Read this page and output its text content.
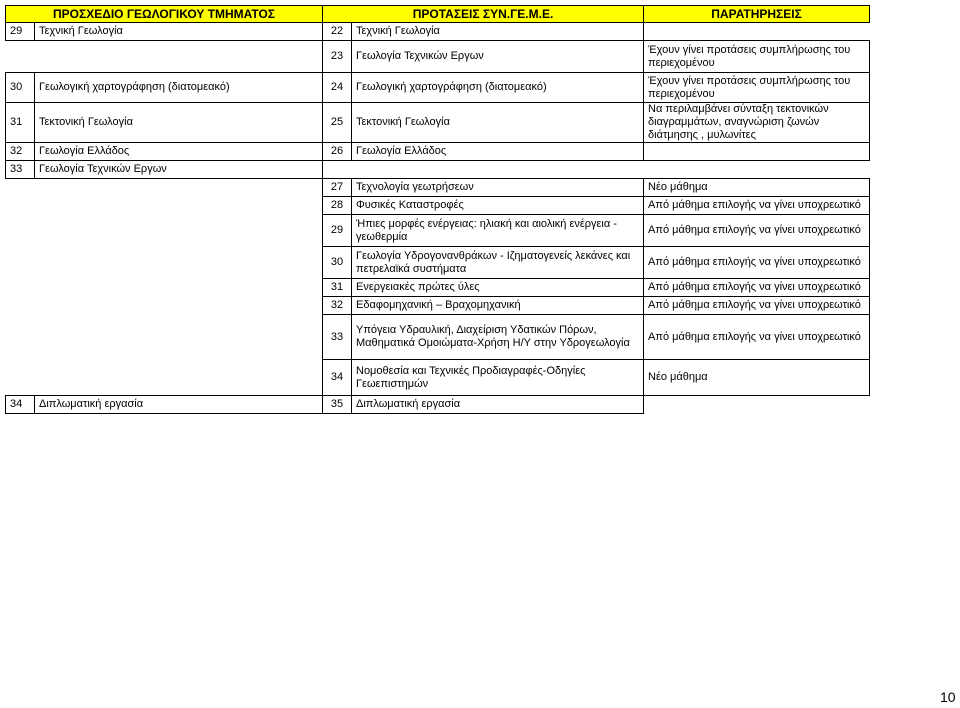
ΠΡΟΣΧΕΔΙΟ ΓΕΩΛΟΓΙΚΟΥ ΤΜΗΜΑΤΟΣ		ΠΡΟΤΑΣΕΙΣ ΣΥΝ.ΓΕ.Μ.Ε.		ΠΑΡΑΤΗΡΗΣΕΙΣ
29	Τεχνική Γεωλογία	22	Τεχνική Γεωλογία	
		23	Γεωλογία Τεχνικών Εργων	Έχουν γίνει προτάσεις συμπλήρωσης του περιεχομένου
30	Γεωλογική χαρτογράφηση (διατομεακό)	24	Γεωλογική χαρτογράφηση (διατομεακό)	Έχουν γίνει προτάσεις συμπλήρωσης του περιεχομένου
31	Τεκτονική Γεωλογία	25	Τεκτονική Γεωλογία	Να περιλαμβάνει σύνταξη τεκτονικών διαγραμμάτων, αναγνώριση ζωνών διάτμησης , μυλωνίτες
32	Γεωλογία Ελλάδος	26	Γεωλογία Ελλάδος	
33	Γεωλογία Τεχνικών Εργων			
		27	Τεχνολογία γεωτρήσεων	Νέο μάθημα
		28	Φυσικές Καταστροφές	Από μάθημα επιλογής να γίνει υποχρεωτικό
		29	Ήπιες μορφές ενέργειας: ηλιακή και αιολική ενέργεια - γεωθερμία	Από μάθημα επιλογής να γίνει υποχρεωτικό
		30	Γεωλογία Υδρογονανθράκων - Ιζηματογενείς λεκάνες και πετρελαϊκά συστήματα	Από μάθημα επιλογής να γίνει υποχρεωτικό
		31	Ενεργειακές πρώτες ύλες	Από μάθημα επιλογής να γίνει υποχρεωτικό
		32	Εδαφομηχανική – Βραχομηχανική	Από μάθημα επιλογής να γίνει υποχρεωτικό
		33	Υπόγεια Υδραυλική, Διαχείριση Υδατικών Πόρων, Μαθηματικά Ομοιώματα-Χρήση Η/Υ στην Υδρογεωλογία	Από μάθημα επιλογής να γίνει υποχρεωτικό
		34	Νομοθεσία και Τεχνικές Προδιαγραφές-Οδηγίες Γεωεπιστημών	Νέο μάθημα
34	Διπλωματική εργασία	35	Διπλωματική εργασία	
10
